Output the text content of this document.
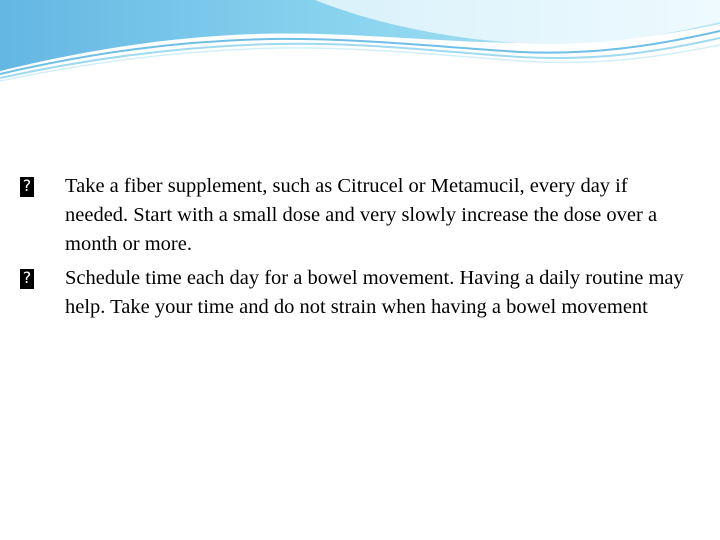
?
Take a fiber supplement, such as Citrucel or Metamucil, every day if needed. Start with a small dose and very slowly increase the dose over a month or more.
?
Schedule time each day for a bowel movement. Having a daily routine may help. Take your time and do not strain when having a bowel movement
